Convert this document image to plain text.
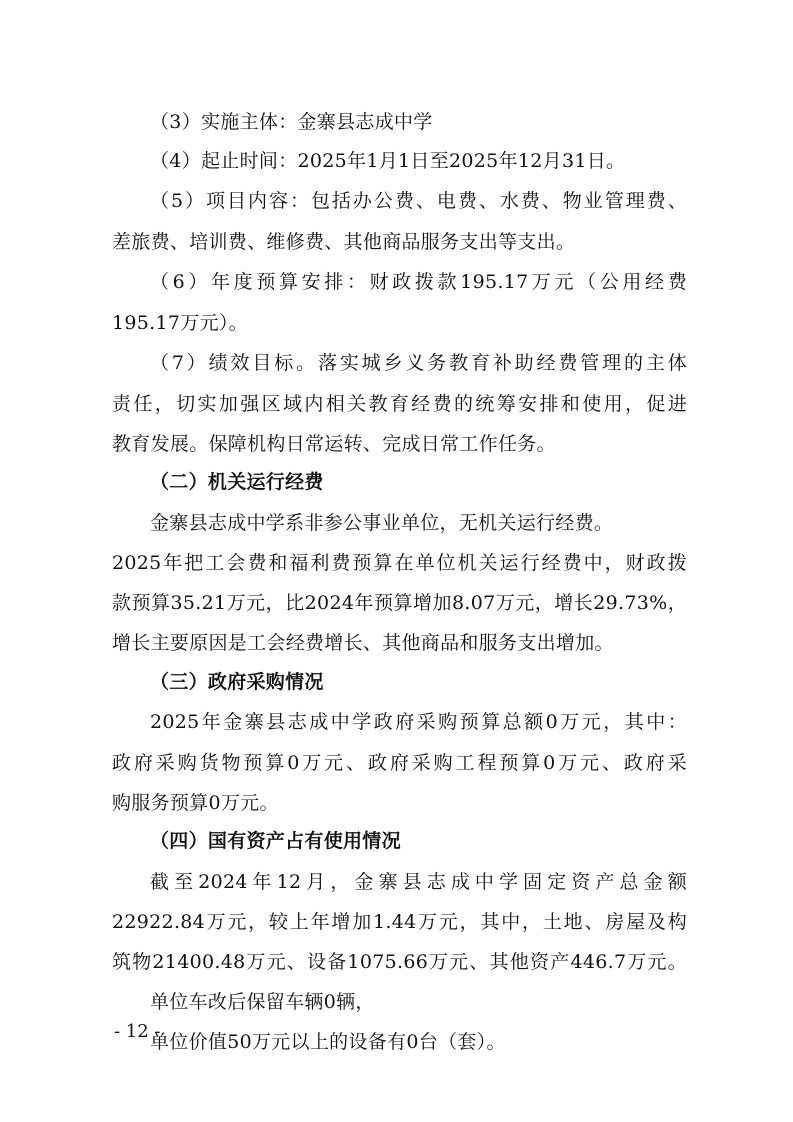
（3）实施主体：金寨县志成中学
（4）起止时间：2025年1月1日至2025年12月31日。
（5）项目内容：包括办公费、电费、水费、物业管理费、
差旅费、培训费、维修费、其他商品服务支出等支出。
（6）年度预算安排：财政拨款195.17万元（公用经费
195.17万元）。
（7）绩效目标。落实城乡义务教育补助经费管理的主体
责任，切实加强区域内相关教育经费的统筹安排和使用，促进
教育发展。保障机构日常运转、完成日常工作任务。
（二）机关运行经费
金寨县志成中学系非参公事业单位，无机关运行经费。
2025年把工会费和福利费预算在单位机关运行经费中，财政拨
款预算35.21万元，比2024年预算增加8.07万元，增长29.73%，
增长主要原因是工会经费增长、其他商品和服务支出增加。
（三）政府采购情况
2025年金寨县志成中学政府采购预算总额0万元，其中：
政府采购货物预算0万元、政府采购工程预算0万元、政府采
购服务预算0万元。
（四）国有资产占有使用情况
截至2024年12月，金寨县志成中学固定资产总金额
22922.84万元，较上年增加1.44万元，其中，土地、房屋及构
筑物21400.48万元、设备1075.66万元、其他资产446.7万元。
单位车改后保留车辆0辆，
单位价值50万元以上的设备有0台（套）。
- 12 -
